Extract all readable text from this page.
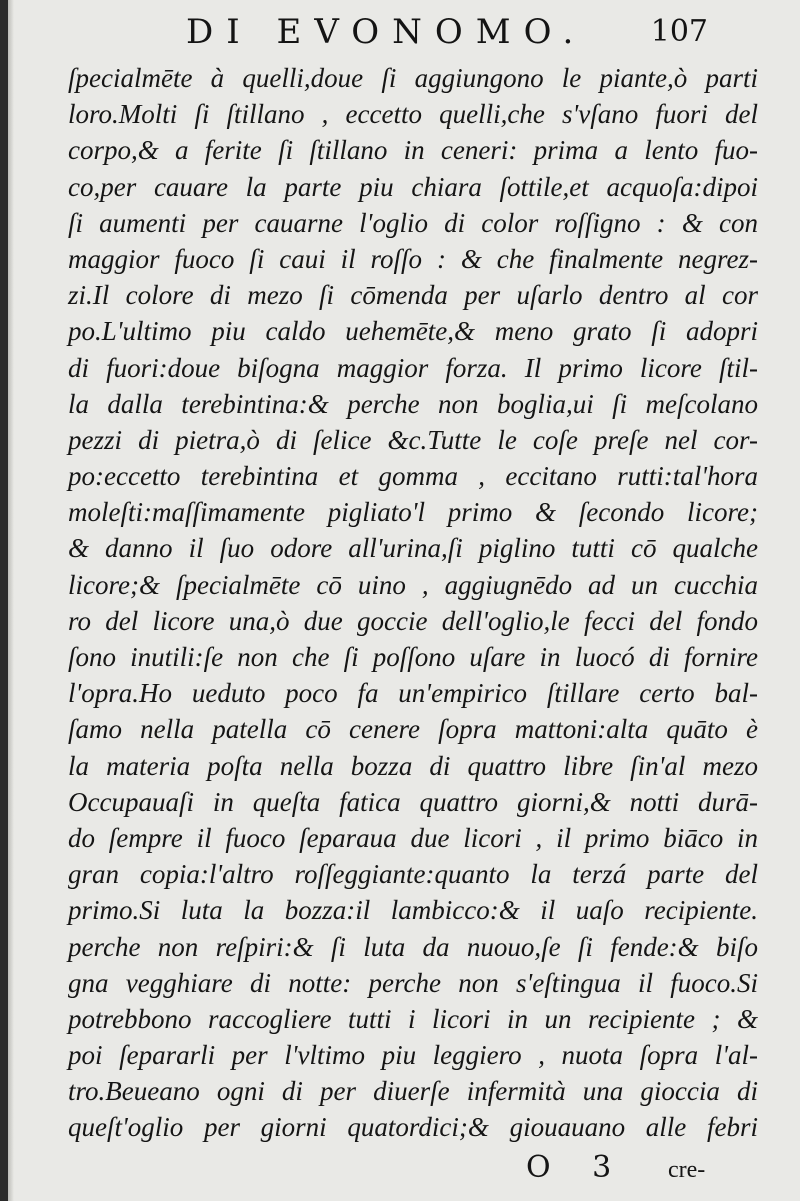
DI EVONOMO. 107
ſpecialmēte à quelli,doue ſi aggiungono le piante,ò parti
loro.Molti ſi ſtillano , eccetto quelli,che s'vſano fuori del
corpo,& a ferite ſi ſtillano in ceneri: prima a lento fuo-
co,per cauare la parte piu chiara ſottile,et acquoſa:dipoi
ſi aumenti per cauarne l'oglio di color roſſigno : & con
maggior fuoco ſi caui il roſſo : & che finalmente negrez-
zi.Il colore di mezo ſi cōmenda per uſarlo dentro al cor
po.L'ultimo piu caldo uehemēte,& meno grato ſi adopri
di fuori:doue biſogna maggior forza. Il primo licore ſtil-
la dalla terebintina:& perche non boglia,ui ſi meſcolano
pezzi di pietra,ò di ſelice &c.Tutte le coſe preſe nel cor-
po:eccetto terebintina et gomma , eccitano rutti:tal'hora
moleſti:maſſimamente pigliato'l primo & ſecondo licore;
& danno il ſuo odore all'urina,ſi piglino tutti cō qualche
licore;& ſpecialmēte cō uino , aggiugnēdo ad un cucchia
ro del licore una,ò due goccie dell'oglio,le fecci del fondo
ſono inutili:ſe non che ſi poſſono uſare in luocó di fornire
l'opra.Ho ueduto poco fa un'empirico ſtillare certo bal-
ſamo nella patella cō cenere ſopra mattoni:alta quāto è
la materia poſta nella bozza di quattro libre ſin'al mezo
Occupauaſi in queſta fatica quattro giorni,& notti durā-
do ſempre il fuoco ſeparaua due licori , il primo biāco in
gran copia:l'altro roſſeggiante:quanto la terzá parte del
primo.Si luta la bozza:il lambicco:& il uaſo recipiente.
perche non reſpiri:& ſi luta da nuouo,ſe ſi fende:& biſo
gna vegghiare di notte: perche non s'eſtingua il fuoco.Si
potrebbono raccogliere tutti i licori in un recipiente ; &
poi ſepararli per l'vltimo piu leggiero , nuota ſopra l'al-
tro.Beueano ogni di per diuerſe infermità una gioccia di
queſt'oglio per giorni quatordici;& giouauano alle febri
O 3 cre-
